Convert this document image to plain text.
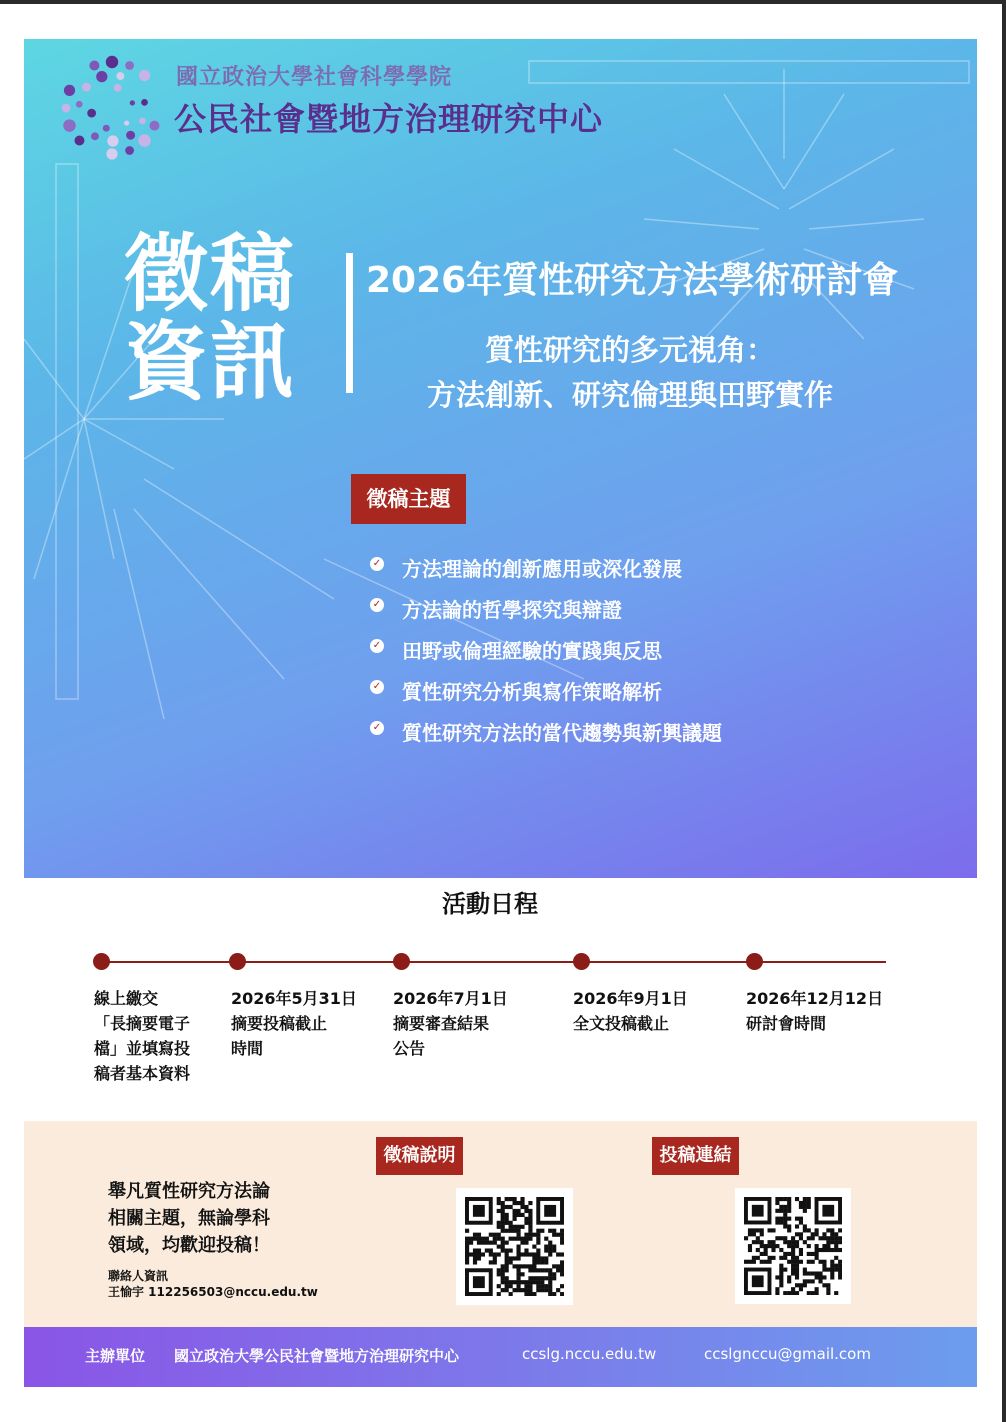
國立政治大學社會科學學院
公民社會暨地方治理研究中心
徵稿
資訊
2026年質性研究方法學術研討會
質性研究的多元視角：
方法創新、研究倫理與田野實作
徵稿主題
✓ 方法理論的創新應用或深化發展
✓ 方法論的哲學探究與辯證
✓ 田野或倫理經驗的實踐與反思
✓ 質性研究分析與寫作策略解析
✓ 質性研究方法的當代趨勢與新興議題
活動日程
線上繳交
「長摘要電子
檔」並填寫投
稿者基本資料
2026年5月31日
摘要投稿截止
時間
2026年7月1日
摘要審查結果
公告
2026年9月1日
全文投稿截止
2026年12月12日
研討會時間
徵稿說明	投稿連結
舉凡質性研究方法論
相關主題，無論學科
領域，均歡迎投稿！
聯絡人資訊
王愉宇 112256503@nccu.edu.tw
主辦單位 國立政治大學公民社會暨地方治理研究中心	ccslg.nccu.edu.tw	ccslgnccu@gmail.com
